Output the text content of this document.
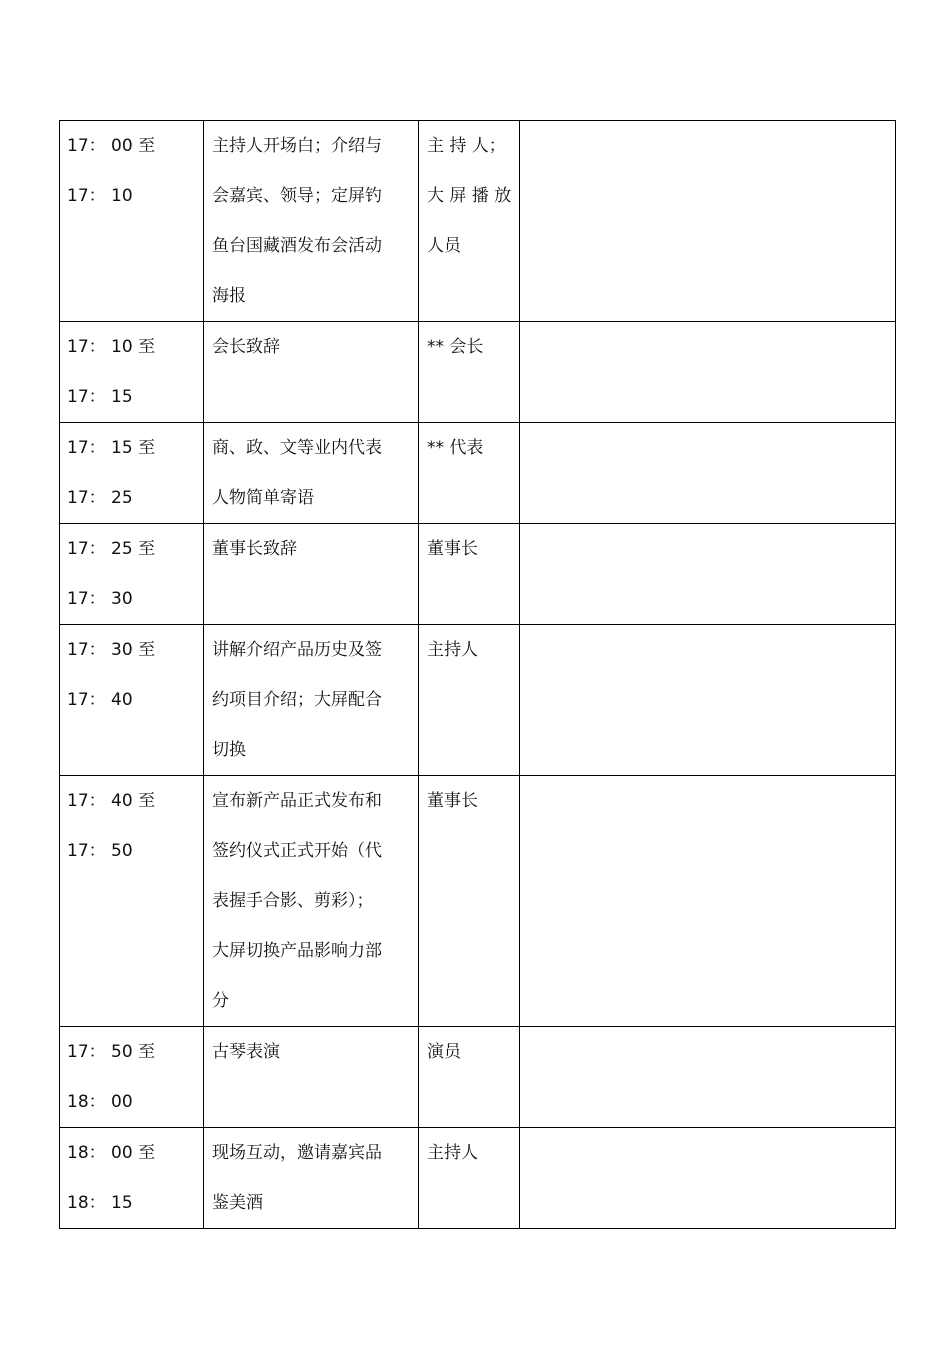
17： 00 至
17： 10	主持人开场白；介绍与
会嘉宾、领导；定屏钓
鱼台国藏酒发布会活动
海报	主 持 人；
大 屏 播 放
人员	

17： 10 至
17： 15	会长致辞	** 会长	

17： 15 至
17： 25	商、政、文等业内代表
人物简单寄语	** 代表	

17： 25 至
17： 30	董事长致辞	董事长	

17： 30 至
17： 40	讲解介绍产品历史及签
约项目介绍；大屏配合
切换	主持人	

17： 40 至
17： 50	宣布新产品正式发布和
签约仪式正式开始（代
表握手合影、剪彩）；
大屏切换产品影响力部
分	董事长	

17： 50 至
18： 00	古琴表演	演员	

18： 00 至
18： 15	现场互动，邀请嘉宾品
鉴美酒	主持人	
